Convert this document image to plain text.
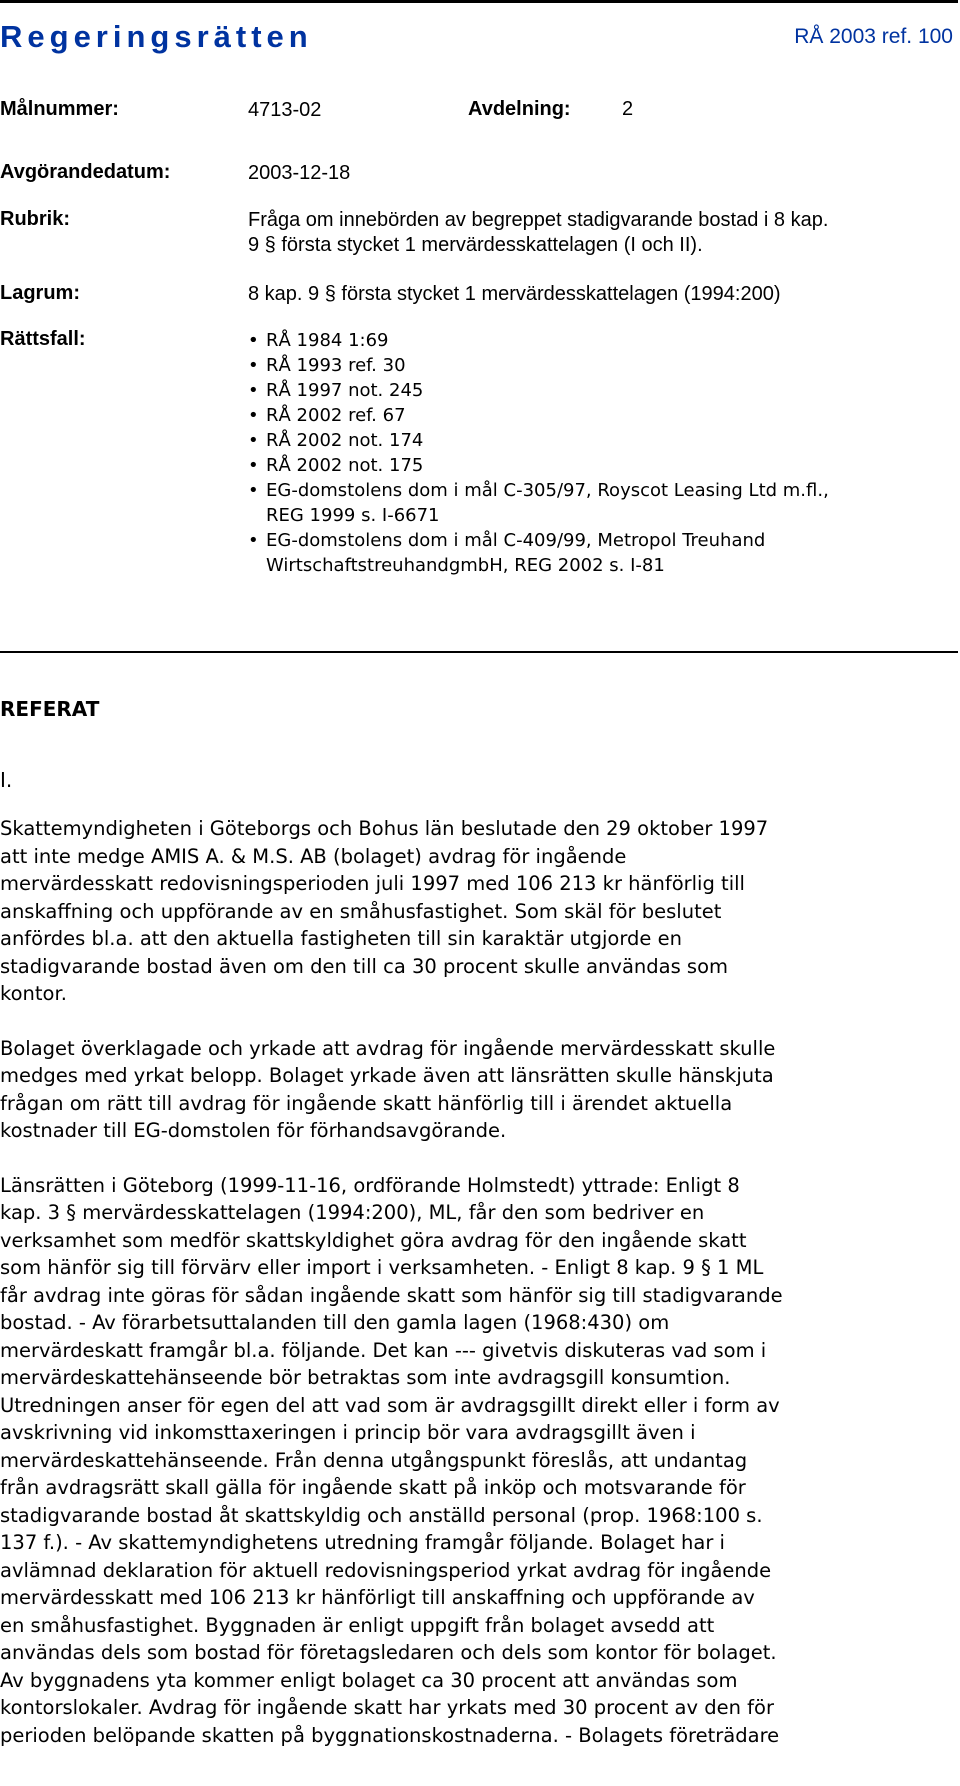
Regeringsrätten	RÅ 2003 ref. 100
Målnummer:	4713-02	Avdelning:	2
Avgörandedatum:	2003-12-18
Rubrik:	Fråga om innebörden av begreppet stadigvarande bostad i 8 kap.
9 § första stycket 1 mervärdesskattelagen (I och II).
Lagrum:	8 kap. 9 § första stycket 1 mervärdesskattelagen (1994:200)
Rättsfall:
•	RÅ 1984 1:69
• RÅ 1993 ref. 30
• RÅ 1997 not. 245
• RÅ 2002 ref. 67
• RÅ 2002 not. 174
• RÅ 2002 not. 175
• EG-domstolens dom i mål C-305/97, Royscot Leasing Ltd m.fl.,
REG 1999 s. I-6671
• EG-domstolens dom i mål C-409/99, Metropol Treuhand
WirtschaftstreuhandgmbH, REG 2002 s. I-81
REFERAT
I.

Skattemyndigheten i Göteborgs och Bohus län beslutade den 29 oktober 1997
att inte medge AMIS A. & M.S. AB (bolaget) avdrag för ingående
mervärdesskatt redovisningsperioden juli 1997 med 106 213 kr hänförlig till
anskaffning och uppförande av en småhusfastighet. Som skäl för beslutet
anfördes bl.a. att den aktuella fastigheten till sin karaktär utgjorde en
stadigvarande bostad även om den till ca 30 procent skulle användas som
kontor.

Bolaget överklagade och yrkade att avdrag för ingående mervärdesskatt skulle
medges med yrkat belopp. Bolaget yrkade även att länsrätten skulle hänskjuta
frågan om rätt till avdrag för ingående skatt hänförlig till i ärendet aktuella
kostnader till EG-domstolen för förhandsavgörande.

Länsrätten i Göteborg (1999-11-16, ordförande Holmstedt) yttrade: Enligt 8
kap. 3 § mervärdesskattelagen (1994:200), ML, får den som bedriver en
verksamhet som medför skattskyldighet göra avdrag för den ingående skatt
som hänför sig till förvärv eller import i verksamheten. - Enligt 8 kap. 9 § 1 ML
får avdrag inte göras för sådan ingående skatt som hänför sig till stadigvarande
bostad. - Av förarbetsuttalanden till den gamla lagen (1968:430) om
mervärdeskatt framgår bl.a. följande. Det kan --- givetvis diskuteras vad som i
mervärdeskattehänseende bör betraktas som inte avdragsgill konsumtion.
Utredningen anser för egen del att vad som är avdragsgillt direkt eller i form av
avskrivning vid inkomsttaxeringen i princip bör vara avdragsgillt även i
mervärdeskattehänseende. Från denna utgångspunkt föreslås, att undantag
från avdragsrätt skall gälla för ingående skatt på inköp och motsvarande för
stadigvarande bostad åt skattskyldig och anställd personal (prop. 1968:100 s.
137 f.). - Av skattemyndighetens utredning framgår följande. Bolaget har i
avlämnad deklaration för aktuell redovisningsperiod yrkat avdrag för ingående
mervärdesskatt med 106 213 kr hänförligt till anskaffning och uppförande av
en småhusfastighet. Byggnaden är enligt uppgift från bolaget avsedd att
användas dels som bostad för företagsledaren och dels som kontor för bolaget.
Av byggnadens yta kommer enligt bolaget ca 30 procent att användas som
kontorslokaler. Avdrag för ingående skatt har yrkats med 30 procent av den för
perioden belöpande skatten på byggnationskostnaderna. - Bolagets företrädare
